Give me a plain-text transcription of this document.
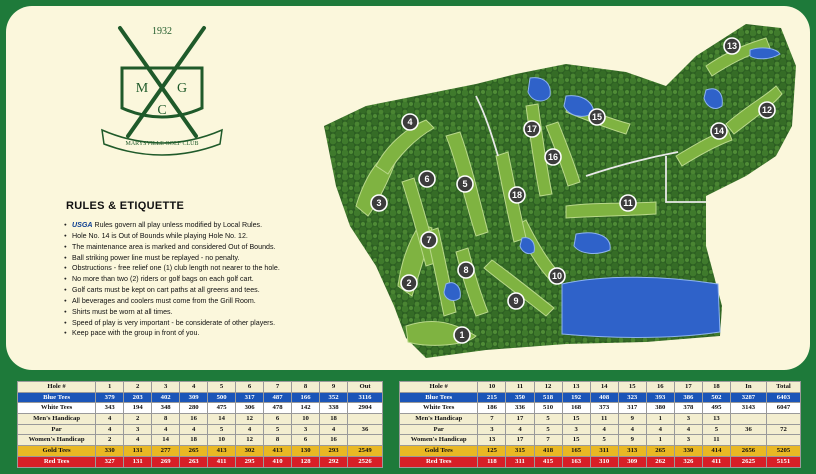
1
2
3
4
5
6
7
8
9
10
11
12
13
14
15
16
17
18
1932
M G
C
MARYSVILLE GOLF CLUB
RULES & ETIQUETTE
● USGA Rules govern all play unless modified by Local Rules.
● Hole No. 14 is Out of Bounds while playing Hole No. 12.
● The maintenance area is marked and considered Out of Bounds.
● Ball striking power line must be replayed - no penalty.
● Obstructions - free relief one (1) club length not nearer to the hole.
● No more than two (2) riders or golf bags on each golf cart.
● Golf carts must be kept on cart paths at all greens and tees.
● All beverages and coolers must come from the Grill Room.
● Shirts must be worn at all times.
● Speed of play is very important - be considerate of other players.
● Keep pace with the group in front of you.
Hole #	1	2	3	4	5	6	7	8	9	Out
Blue Tees	379	203	402	309	500	317	487	166	352	3116
White Tees	343	194	348	280	475	306	478	142	338	2904
Men's Handicap	4	2	8	16	14	12	6	10	18	
Par	4	3	4	4	5	4	5	3	4	36
Women's Handicap	2	4	14	18	10	12	8	6	16	
Gold Tees	330	131	277	265	413	302	413	130	293	2549
Red Tees	327	131	269	263	411	295	410	128	292	2526
Hole #	10	11	12	13	14	15	16	17	18	In	Total
Blue Tees	215	350	518	192	408	323	393	386	502	3287	6403
White Tees	186	336	510	168	373	317	380	378	495	3143	6047
Men's Handicap	7	17	5	15	11	9	1	3	13		
Par	3	4	5	3	4	4	4	4	5	36	72
Women's Handicap	13	17	7	15	5	9	1	3	11		
Gold Tees	125	315	418	165	311	313	265	330	414	2656	5205
Red Tees	118	311	415	163	310	309	262	326	411	2625	5151
